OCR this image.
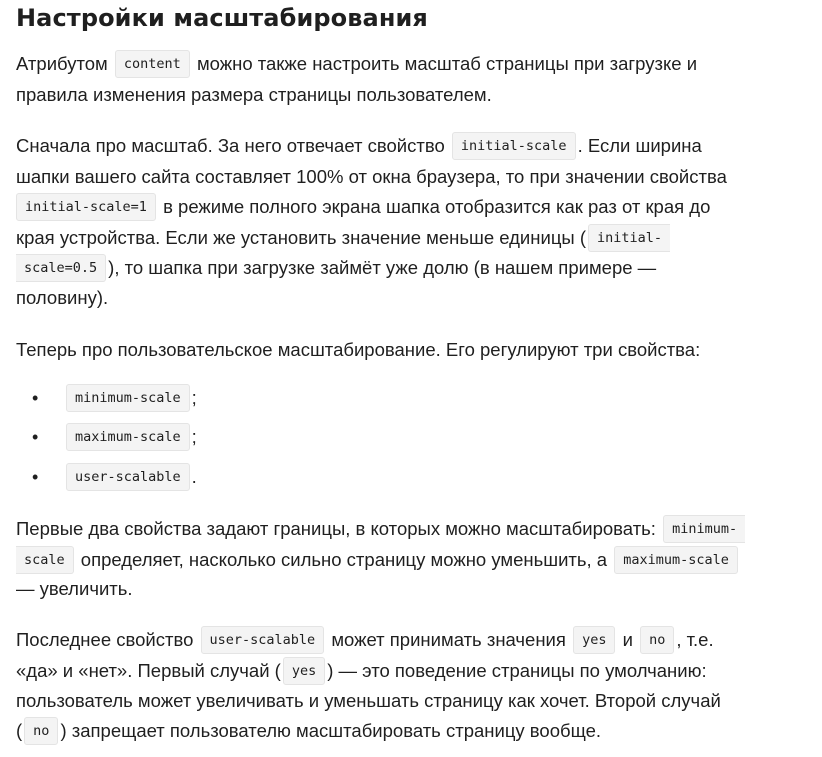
Настройки масштабирования
Атрибутом content можно также настроить масштаб страницы при загрузке и
правила изменения размера страницы пользователем.
Сначала про масштаб. За него отвечает свойство initial-scale . Если ширина
шапки вашего сайта составляет 100% от окна браузера, то при значении свойства
initial-scale=1 в режиме полного экрана шапка отобразится как раз от края до
края устройства. Если же установить значение меньше единицы ( initial-
scale=0.5 ), то шапка при загрузке займёт уже долю (в нашем примере —
половину).
Теперь про пользовательское масштабирование. Его регулируют три свойства:
•	minimum-scale ;
•	maximum-scale ;
•	user-scalable .
Первые два свойства задают границы, в которых можно масштабировать: minimum-
scale определяет, насколько сильно страницу можно уменьшить, а maximum-scale
— увеличить.
Последнее свойство user-scalable может принимать значения yes и no , т.е.
«да» и «нет». Первый случай ( yes ) — это поведение страницы по умолчанию:
пользователь может увеличивать и уменьшать страницу как хочет. Второй случай
( no ) запрещает пользователю масштабировать страницу вообще.
